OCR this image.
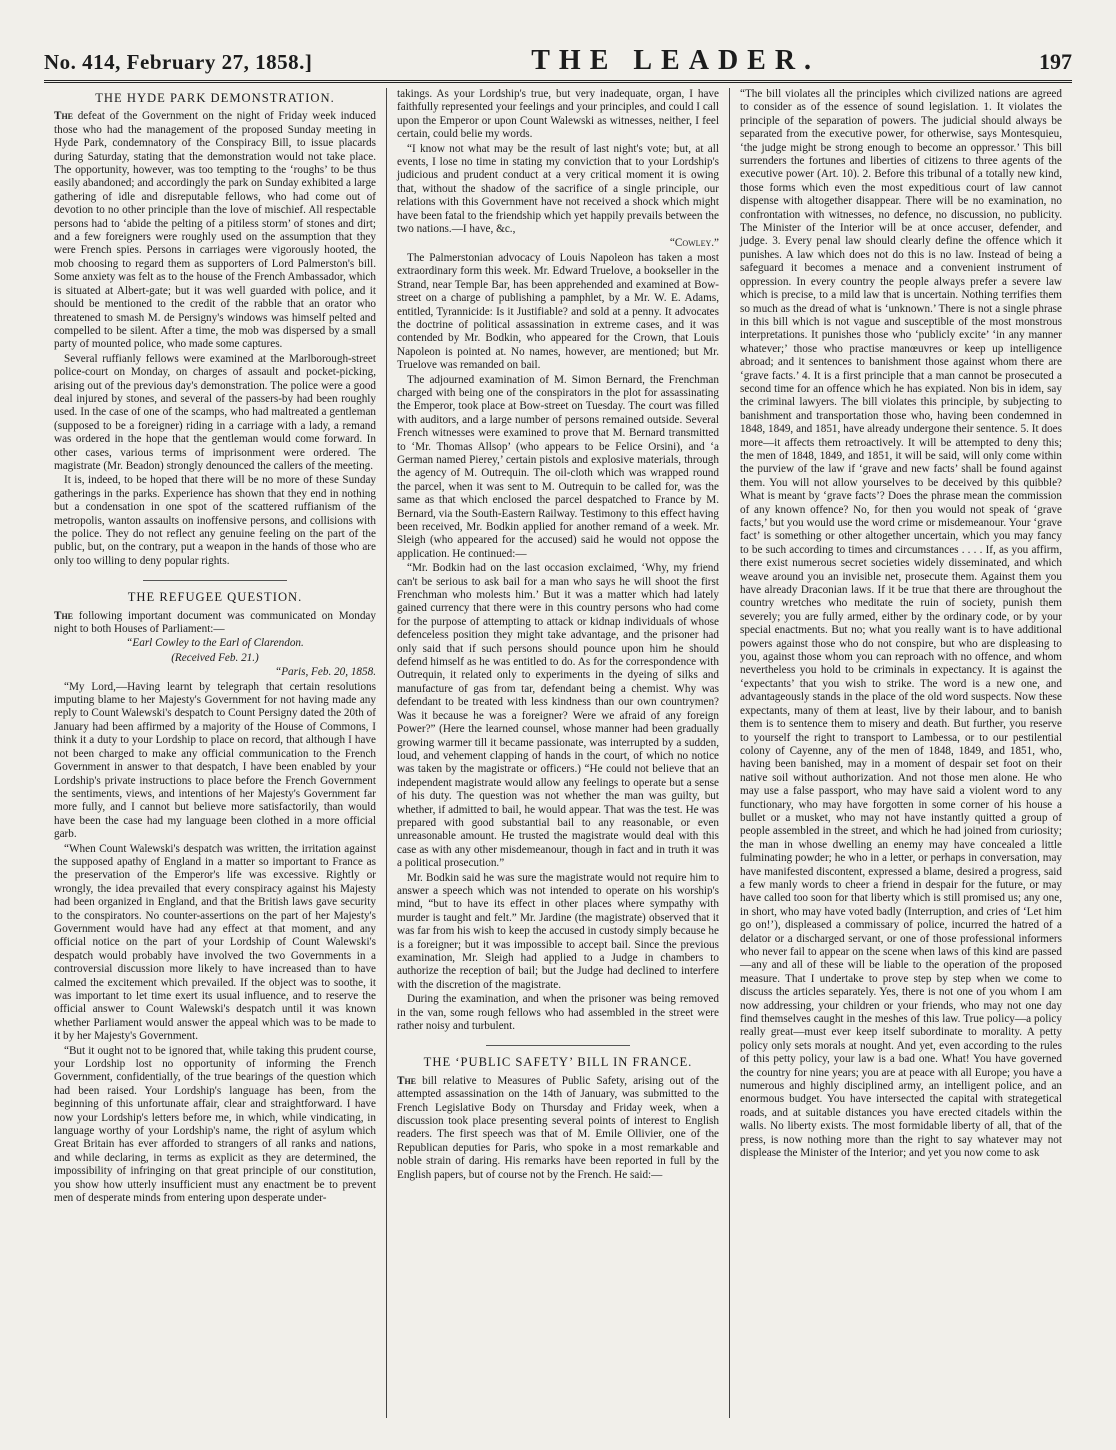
No. 414, February 27, 1858.]	THE LEADER.	197
THE HYDE PARK DEMONSTRATION.

The defeat of the Government on the night of Friday week induced those who had the management of the proposed Sunday meeting in Hyde Park, condemnatory of the Conspiracy Bill, to issue placards during Saturday, stating that the demonstration would not take place. The opportunity, however, was too tempting to the ‘roughs’ to be thus easily abandoned; and accordingly the park on Sunday exhibited a large gathering of idle and disreputable fellows, who had come out of devotion to no other principle than the love of mischief. All respectable persons had to ‘abide the pelting of a pitiless storm’ of stones and dirt; and a few foreigners were roughly used on the assumption that they were French spies. Persons in carriages were vigorously hooted, the mob choosing to regard them as supporters of Lord Palmerston's bill. Some anxiety was felt as to the house of the French Ambassador, which is situated at Albert-gate; but it was well guarded with police, and it should be mentioned to the credit of the rabble that an orator who threatened to smash M. de Persigny's windows was himself pelted and compelled to be silent. After a time, the mob was dispersed by a small party of mounted police, who made some captures.

Several ruffianly fellows were examined at the Marlborough-street police-court on Monday, on charges of assault and pocket-picking, arising out of the previous day's demonstration. The police were a good deal injured by stones, and several of the passers-by had been roughly used. In the case of one of the scamps, who had maltreated a gentleman (supposed to be a foreigner) riding in a carriage with a lady, a remand was ordered in the hope that the gentleman would come forward. In other cases, various terms of imprisonment were ordered. The magistrate (Mr. Beadon) strongly denounced the callers of the meeting.

It is, indeed, to be hoped that there will be no more of these Sunday gatherings in the parks. Experience has shown that they end in nothing but a condensation in one spot of the scattered ruffianism of the metropolis, wanton assaults on inoffensive persons, and collisions with the police. They do not reflect any genuine feeling on the part of the public, but, on the contrary, put a weapon in the hands of those who are only too willing to deny popular rights.

THE REFUGEE QUESTION.

The following important document was communicated on Monday night to both Houses of Parliament:—

“Earl Cowley to the Earl of Clarendon.

(Received Feb. 21.)

“Paris, Feb. 20, 1858.

“My Lord,—Having learnt by telegraph that certain resolutions imputing blame to her Majesty's Government for not having made any reply to Count Walewski's despatch to Count Persigny dated the 20th of January had been affirmed by a majority of the House of Commons, I think it a duty to your Lordship to place on record, that although I have not been charged to make any official communication to the French Government in answer to that despatch, I have been enabled by your Lordship's private instructions to place before the French Government the sentiments, views, and intentions of her Majesty's Government far more fully, and I cannot but believe more satisfactorily, than would have been the case had my language been clothed in a more official garb.

“When Count Walewski's despatch was written, the irritation against the supposed apathy of England in a matter so important to France as the preservation of the Emperor's life was excessive. Rightly or wrongly, the idea prevailed that every conspiracy against his Majesty had been organized in England, and that the British laws gave security to the conspirators. No counter-assertions on the part of her Majesty's Government would have had any effect at that moment, and any official notice on the part of your Lordship of Count Walewski's despatch would probably have involved the two Governments in a controversial discussion more likely to have increased than to have calmed the excitement which prevailed. If the object was to soothe, it was important to let time exert its usual influence, and to reserve the official answer to Count Walewski's despatch until it was known whether Parliament would answer the appeal which was to be made to it by her Majesty's Government.

“But it ought not to be ignored that, while taking this prudent course, your Lordship lost no opportunity of informing the French Government, confidentially, of the true bearings of the question which had been raised. Your Lordship's language has been, from the beginning of this unfortunate affair, clear and straightforward. I have now your Lordship's letters before me, in which, while vindicating, in language worthy of your Lordship's name, the right of asylum which Great Britain has ever afforded to strangers of all ranks and nations, and while declaring, in terms as explicit as they are determined, the impossibility of infringing on that great principle of our constitution, you show how utterly insufficient must any enactment be to prevent men of desperate minds from entering upon desperate under-

takings. As your Lordship's true, but very inadequate, organ, I have faithfully represented your feelings and your principles, and could I call upon the Emperor or upon Count Walewski as witnesses, neither, I feel certain, could belie my words.

“I know not what may be the result of last night's vote; but, at all events, I lose no time in stating my conviction that to your Lordship's judicious and prudent conduct at a very critical moment it is owing that, without the shadow of the sacrifice of a single principle, our relations with this Government have not received a shock which might have been fatal to the friendship which yet happily prevails between the two nations.—I have, &c.,

“Cowley.”

The Palmerstonian advocacy of Louis Napoleon has taken a most extraordinary form this week. Mr. Edward Truelove, a bookseller in the Strand, near Temple Bar, has been apprehended and examined at Bow-street on a charge of publishing a pamphlet, by a Mr. W. E. Adams, entitled, Tyrannicide: Is it Justifiable? and sold at a penny. It advocates the doctrine of political assassination in extreme cases, and it was contended by Mr. Bodkin, who appeared for the Crown, that Louis Napoleon is pointed at. No names, however, are mentioned; but Mr. Truelove was remanded on bail.

The adjourned examination of M. Simon Bernard, the Frenchman charged with being one of the conspirators in the plot for assassinating the Emperor, took place at Bow-street on Tuesday. The court was filled with auditors, and a large number of persons remained outside. Several French witnesses were examined to prove that M. Bernard transmitted to ‘Mr. Thomas Allsop’ (who appears to be Felice Orsini), and ‘a German named Pierey,’ certain pistols and explosive materials, through the agency of M. Outrequin. The oil-cloth which was wrapped round the parcel, when it was sent to M. Outrequin to be called for, was the same as that which enclosed the parcel despatched to France by M. Bernard, via the South-Eastern Railway. Testimony to this effect having been received, Mr. Bodkin applied for another remand of a week. Mr. Sleigh (who appeared for the accused) said he would not oppose the application. He continued:—

“Mr. Bodkin had on the last occasion exclaimed, ‘Why, my friend can't be serious to ask bail for a man who says he will shoot the first Frenchman who molests him.’ But it was a matter which had lately gained currency that there were in this country persons who had come for the purpose of attempting to attack or kidnap individuals of whose defenceless position they might take advantage, and the prisoner had only said that if such persons should pounce upon him he should defend himself as he was entitled to do. As for the correspondence with Outrequin, it related only to experiments in the dyeing of silks and manufacture of gas from tar, defendant being a chemist. Why was defendant to be treated with less kindness than our own countrymen? Was it because he was a foreigner? Were we afraid of any foreign Power?” (Here the learned counsel, whose manner had been gradually growing warmer till it became passionate, was interrupted by a sudden, loud, and vehement clapping of hands in the court, of which no notice was taken by the magistrate or officers.) “He could not believe that an independent magistrate would allow any feelings to operate but a sense of his duty. The question was not whether the man was guilty, but whether, if admitted to bail, he would appear. That was the test. He was prepared with good substantial bail to any reasonable, or even unreasonable amount. He trusted the magistrate would deal with this case as with any other misdemeanour, though in fact and in truth it was a political prosecution.”

Mr. Bodkin said he was sure the magistrate would not require him to answer a speech which was not intended to operate on his worship's mind, “but to have its effect in other places where sympathy with murder is taught and felt.” Mr. Jardine (the magistrate) observed that it was far from his wish to keep the accused in custody simply because he is a foreigner; but it was impossible to accept bail. Since the previous examination, Mr. Sleigh had applied to a Judge in chambers to authorize the reception of bail; but the Judge had declined to interfere with the discretion of the magistrate.

During the examination, and when the prisoner was being removed in the van, some rough fellows who had assembled in the street were rather noisy and turbulent.

THE ‘PUBLIC SAFETY’ BILL IN FRANCE.

The bill relative to Measures of Public Safety, arising out of the attempted assassination on the 14th of January, was submitted to the French Legislative Body on Thursday and Friday week, when a discussion took place presenting several points of interest to English readers. The first speech was that of M. Emile Ollivier, one of the Republican deputies for Paris, who spoke in a most remarkable and noble strain of daring. His remarks have been reported in full by the English papers, but of course not by the French. He said:—

“The bill violates all the principles which civilized nations are agreed to consider as of the essence of sound legislation. 1. It violates the principle of the separation of powers. The judicial should always be separated from the executive power, for otherwise, says Montesquieu, ‘the judge might be strong enough to become an oppressor.’ This bill surrenders the fortunes and liberties of citizens to three agents of the executive power (Art. 10). 2. Before this tribunal of a totally new kind, those forms which even the most expeditious court of law cannot dispense with altogether disappear. There will be no examination, no confrontation with witnesses, no defence, no discussion, no publicity. The Minister of the Interior will be at once accuser, defender, and judge. 3. Every penal law should clearly define the offence which it punishes. A law which does not do this is no law. Instead of being a safeguard it becomes a menace and a convenient instrument of oppression. In every country the people always prefer a severe law which is precise, to a mild law that is uncertain. Nothing terrifies them so much as the dread of what is ‘unknown.’ There is not a single phrase in this bill which is not vague and susceptible of the most monstrous interpretations. It punishes those who ‘publicly excite’ ‘in any manner whatever;’ those who practise manœuvres or keep up intelligence abroad; and it sentences to banishment those against whom there are ‘grave facts.’ 4. It is a first principle that a man cannot be prosecuted a second time for an offence which he has expiated. Non bis in idem, say the criminal lawyers. The bill violates this principle, by subjecting to banishment and transportation those who, having been condemned in 1848, 1849, and 1851, have already undergone their sentence. 5. It does more—it affects them retroactively. It will be attempted to deny this; the men of 1848, 1849, and 1851, it will be said, will only come within the purview of the law if ‘grave and new facts’ shall be found against them. You will not allow yourselves to be deceived by this quibble? What is meant by ‘grave facts’? Does the phrase mean the commission of any known offence? No, for then you would not speak of ‘grave facts,’ but you would use the word crime or misdemeanour. Your ‘grave fact’ is something or other altogether uncertain, which you may fancy to be such according to times and circumstances . . . . If, as you affirm, there exist numerous secret societies widely disseminated, and which weave around you an invisible net, prosecute them. Against them you have already Draconian laws. If it be true that there are throughout the country wretches who meditate the ruin of society, punish them severely; you are fully armed, either by the ordinary code, or by your special enactments. But no; what you really want is to have additional powers against those who do not conspire, but who are displeasing to you, against those whom you can reproach with no offence, and whom nevertheless you hold to be criminals in expectancy. It is against the ‘expectants’ that you wish to strike. The word is a new one, and advantageously stands in the place of the old word suspects. Now these expectants, many of them at least, live by their labour, and to banish them is to sentence them to misery and death. But further, you reserve to yourself the right to transport to Lambessa, or to our pestilential colony of Cayenne, any of the men of 1848, 1849, and 1851, who, having been banished, may in a moment of despair set foot on their native soil without authorization. And not those men alone. He who may use a false passport, who may have said a violent word to any functionary, who may have forgotten in some corner of his house a bullet or a musket, who may not have instantly quitted a group of people assembled in the street, and which he had joined from curiosity; the man in whose dwelling an enemy may have concealed a little fulminating powder; he who in a letter, or perhaps in conversation, may have manifested discontent, expressed a blame, desired a progress, said a few manly words to cheer a friend in despair for the future, or may have called too soon for that liberty which is still promised us; any one, in short, who may have voted badly (Interruption, and cries of ‘Let him go on!’), displeased a commissary of police, incurred the hatred of a delator or a discharged servant, or one of those professional informers who never fail to appear on the scene when laws of this kind are passed—any and all of these will be liable to the operation of the proposed measure. That I undertake to prove step by step when we come to discuss the articles separately. Yes, there is not one of you whom I am now addressing, your children or your friends, who may not one day find themselves caught in the meshes of this law. True policy—a policy really great—must ever keep itself subordinate to morality. A petty policy only sets morals at nought. And yet, even according to the rules of this petty policy, your law is a bad one. What! You have governed the country for nine years; you are at peace with all Europe; you have a numerous and highly disciplined army, an intelligent police, and an enormous budget. You have intersected the capital with strategetical roads, and at suitable distances you have erected citadels within the walls. No liberty exists. The most formidable liberty of all, that of the press, is now nothing more than the right to say whatever may not displease the Minister of the Interior; and yet you now come to ask
